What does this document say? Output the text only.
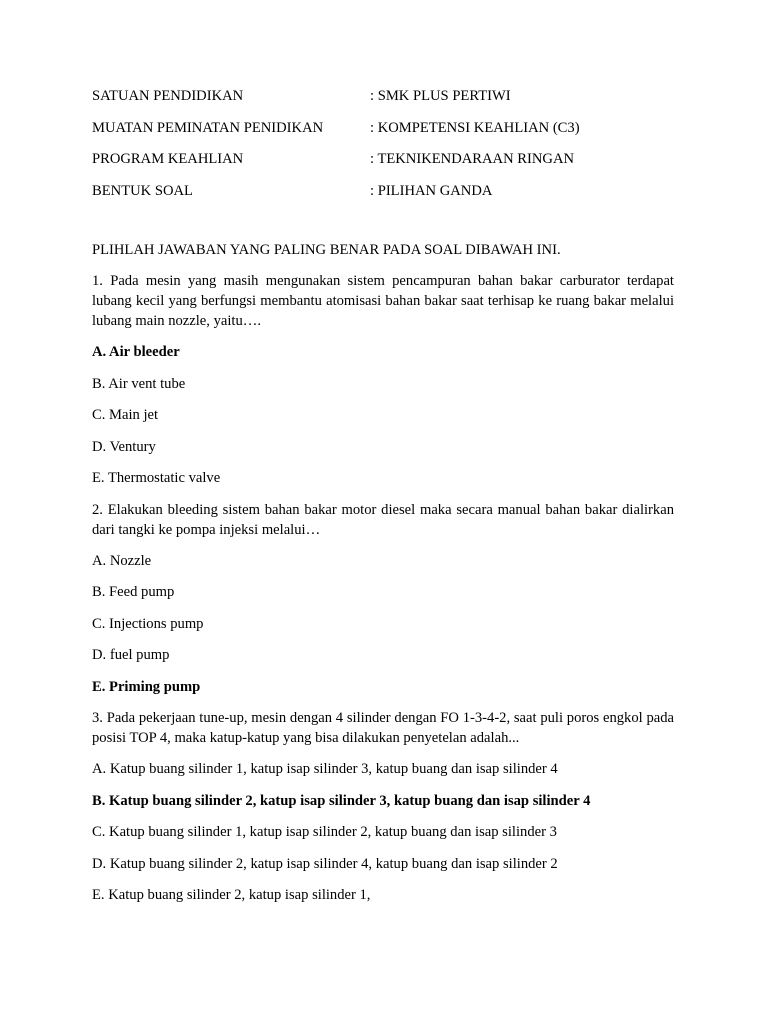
SATUAN PENDIDIKAN	: SMK PLUS PERTIWI
MUATAN PEMINATAN PENIDIKAN	: KOMPETENSI KEAHLIAN (C3)
PROGRAM KEAHLIAN	: TEKNIKENDARAAN RINGAN
BENTUK SOAL	: PILIHAN GANDA
PLIHLAH JAWABAN YANG PALING BENAR PADA SOAL DIBAWAH INI.

1. Pada mesin yang masih mengunakan sistem pencampuran bahan bakar carburator terdapat lubang kecil yang berfungsi membantu atomisasi bahan bakar saat terhisap ke ruang bakar melalui lubang main nozzle, yaitu….

A. Air bleeder
B. Air vent tube
C. Main jet
D. Ventury
E. Thermostatic valve

2. Elakukan bleeding sistem bahan bakar motor diesel maka secara manual bahan bakar dialirkan dari tangki ke pompa injeksi melalui…

A. Nozzle
B. Feed pump
C. Injections pump
D. fuel pump
E. Priming pump

3. Pada pekerjaan tune-up, mesin dengan 4 silinder dengan FO 1-3-4-2, saat puli poros engkol pada posisi TOP 4, maka katup-katup yang bisa dilakukan penyetelan adalah...

A. Katup buang silinder 1, katup isap silinder 3, katup buang dan isap silinder 4
B. Katup buang silinder 2, katup isap silinder 3, katup buang dan isap silinder 4
C. Katup buang silinder 1, katup isap silinder 2, katup buang dan isap silinder 3
D. Katup buang silinder 2, katup isap silinder 4, katup buang dan isap silinder 2
E. Katup buang silinder 2, katup isap silinder 1,
